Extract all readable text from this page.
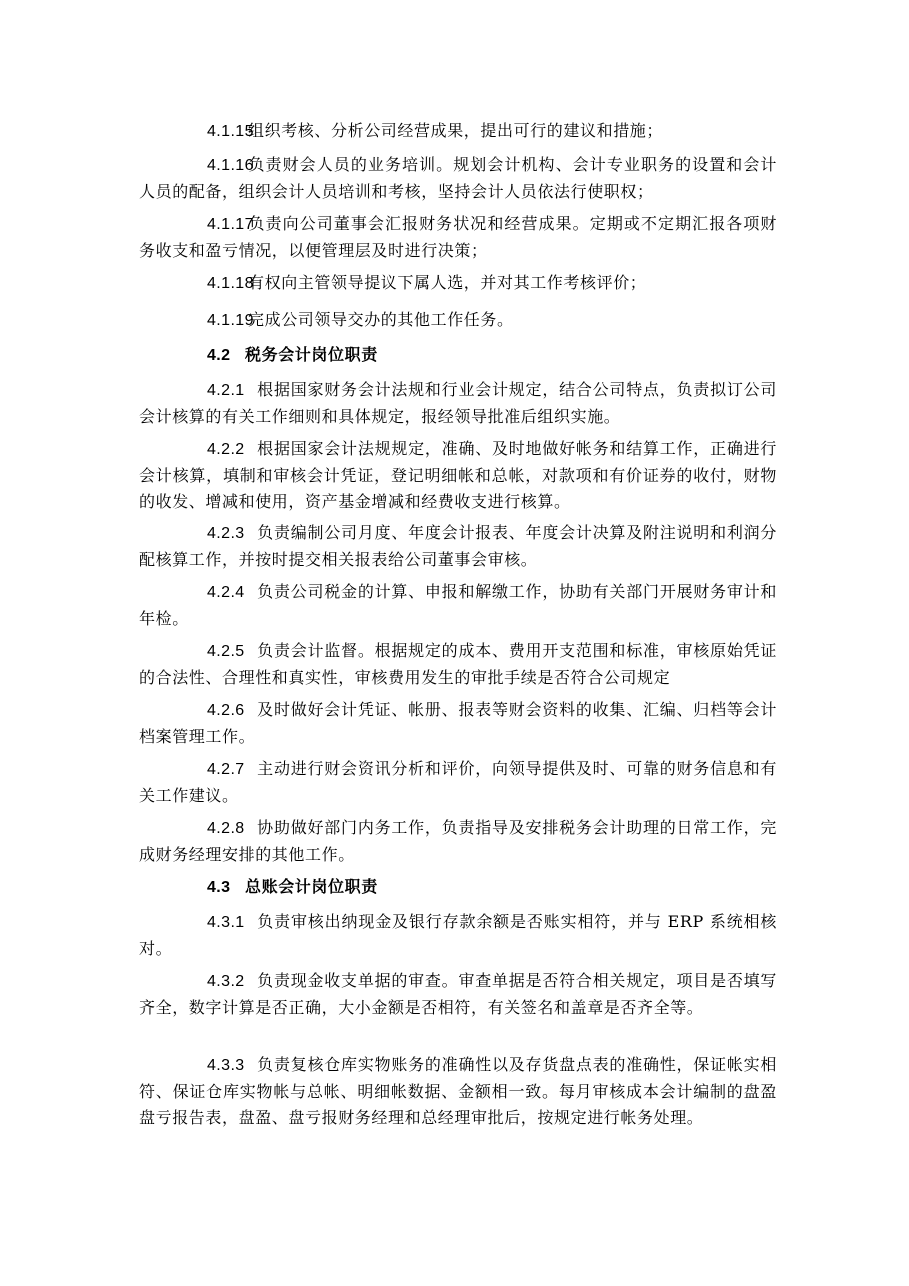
4.1.15组织考核、分析公司经营成果，提出可行的建议和措施；

4.1.16负责财会人员的业务培训。规划会计机构、会计专业职务的设置和会计人员的配备，组织会计人员培训和考核，坚持会计人员依法行使职权；

4.1.17负责向公司董事会汇报财务状况和经营成果。定期或不定期汇报各项财务收支和盈亏情况，以便管理层及时进行决策；

4.1.18有权向主管领导提议下属人选，并对其工作考核评价；

4.1.19完成公司领导交办的其他工作任务。

4.2 税务会计岗位职责

4.2.1 根据国家财务会计法规和行业会计规定，结合公司特点，负责拟订公司会计核算的有关工作细则和具体规定，报经领导批准后组织实施。

4.2.2 根据国家会计法规规定，准确、及时地做好帐务和结算工作，正确进行会计核算，填制和审核会计凭证，登记明细帐和总帐，对款项和有价证券的收付，财物的收发、增减和使用，资产基金增减和经费收支进行核算。

4.2.3 负责编制公司月度、年度会计报表、年度会计决算及附注说明和利润分配核算工作，并按时提交相关报表给公司董事会审核。

4.2.4 负责公司税金的计算、申报和解缴工作，协助有关部门开展财务审计和年检。

4.2.5 负责会计监督。根据规定的成本、费用开支范围和标准，审核原始凭证的合法性、合理性和真实性，审核费用发生的审批手续是否符合公司规定

4.2.6 及时做好会计凭证、帐册、报表等财会资料的收集、汇编、归档等会计档案管理工作。

4.2.7 主动进行财会资讯分析和评价，向领导提供及时、可靠的财务信息和有关工作建议。

4.2.8 协助做好部门内务工作，负责指导及安排税务会计助理的日常工作，完成财务经理安排的其他工作。

4.3 总账会计岗位职责

4.3.1 负责审核出纳现金及银行存款余额是否账实相符，并与 ERP 系统相核对。

4.3.2 负责现金收支单据的审查。审查单据是否符合相关规定，项目是否填写齐全，数字计算是否正确，大小金额是否相符，有关签名和盖章是否齐全等。

4.3.3 负责复核仓库实物账务的准确性以及存货盘点表的准确性，保证帐实相符、保证仓库实物帐与总帐、明细帐数据、金额相一致。每月审核成本会计编制的盘盈盘亏报告表，盘盈、盘亏报财务经理和总经理审批后，按规定进行帐务处理。
